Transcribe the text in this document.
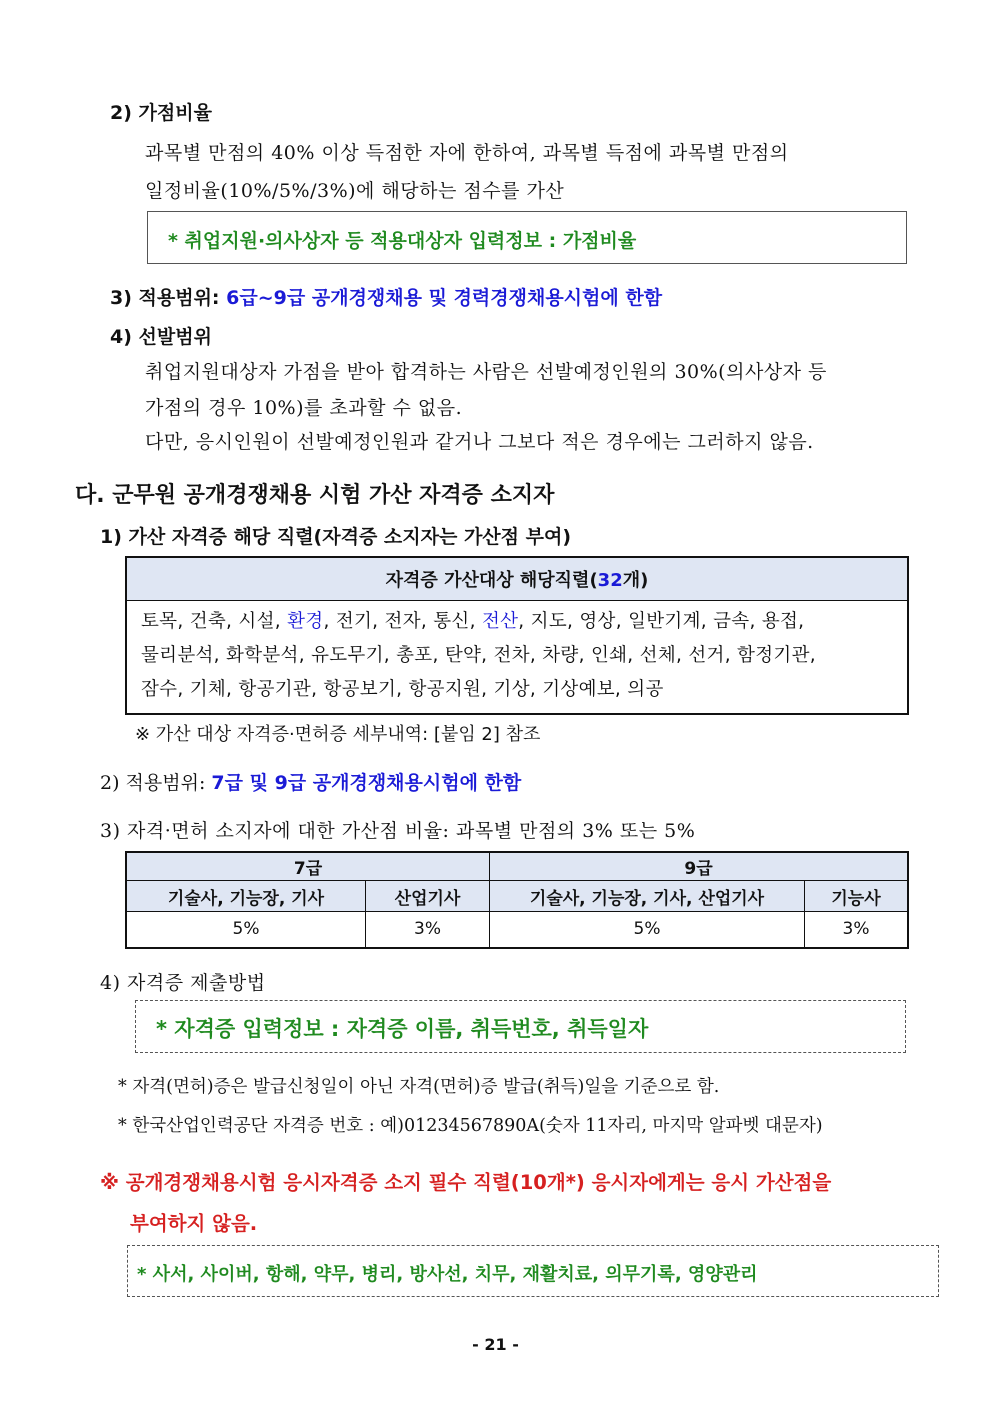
2) 가점비율
과목별 만점의 40% 이상 득점한 자에 한하여, 과목별 득점에 과목별 만점의
일정비율(10%/5%/3%)에 해당하는 점수를 가산
* 취업지원·의사상자 등 적용대상자 입력정보 : 가점비율
3) 적용범위: 6급~9급 공개경쟁채용 및 경력경쟁채용시험에 한함
4) 선발범위
취업지원대상자 가점을 받아 합격하는 사람은 선발예정인원의 30%(의사상자 등
가점의 경우 10%)를 초과할 수 없음.
다만, 응시인원이 선발예정인원과 같거나 그보다 적은 경우에는 그러하지 않음.
다. 군무원 공개경쟁채용 시험 가산 자격증 소지자
1) 가산 자격증 해당 직렬(자격증 소지자는 가산점 부여)
자격증 가산대상 해당직렬(32개)

토목, 건축, 시설, 환경, 전기, 전자, 통신, 전산, 지도, 영상, 일반기계, 금속, 용접,
물리분석, 화학분석, 유도무기, 총포, 탄약, 전차, 차량, 인쇄, 선체, 선거, 함정기관,
잠수, 기체, 항공기관, 항공보기, 항공지원, 기상, 기상예보, 의공
※ 가산 대상 자격증·면허증 세부내역: [붙임 2] 참조
2) 적용범위: 7급 및 9급 공개경쟁채용시험에 한함
3) 자격·면허 소지자에 대한 가산점 비율: 과목별 만점의 3% 또는 5%
7급		9급	
기술사, 기능장, 기사	산업기사	기술사, 기능장, 기사, 산업기사	기능사
5%	3%	5%	3%
4) 자격증 제출방법
* 자격증 입력정보 : 자격증 이름, 취득번호, 취득일자
* 자격(면허)증은 발급신청일이 아닌 자격(면허)증 발급(취득)일을 기준으로 함.
* 한국산업인력공단 자격증 번호 : 예)01234567890A(숫자 11자리, 마지막 알파벳 대문자)
※ 공개경쟁채용시험 응시자격증 소지 필수 직렬(10개*) 응시자에게는 응시 가산점을
부여하지 않음.
* 사서, 사이버, 항해, 약무, 병리, 방사선, 치무, 재활치료, 의무기록, 영양관리
- 21 -
